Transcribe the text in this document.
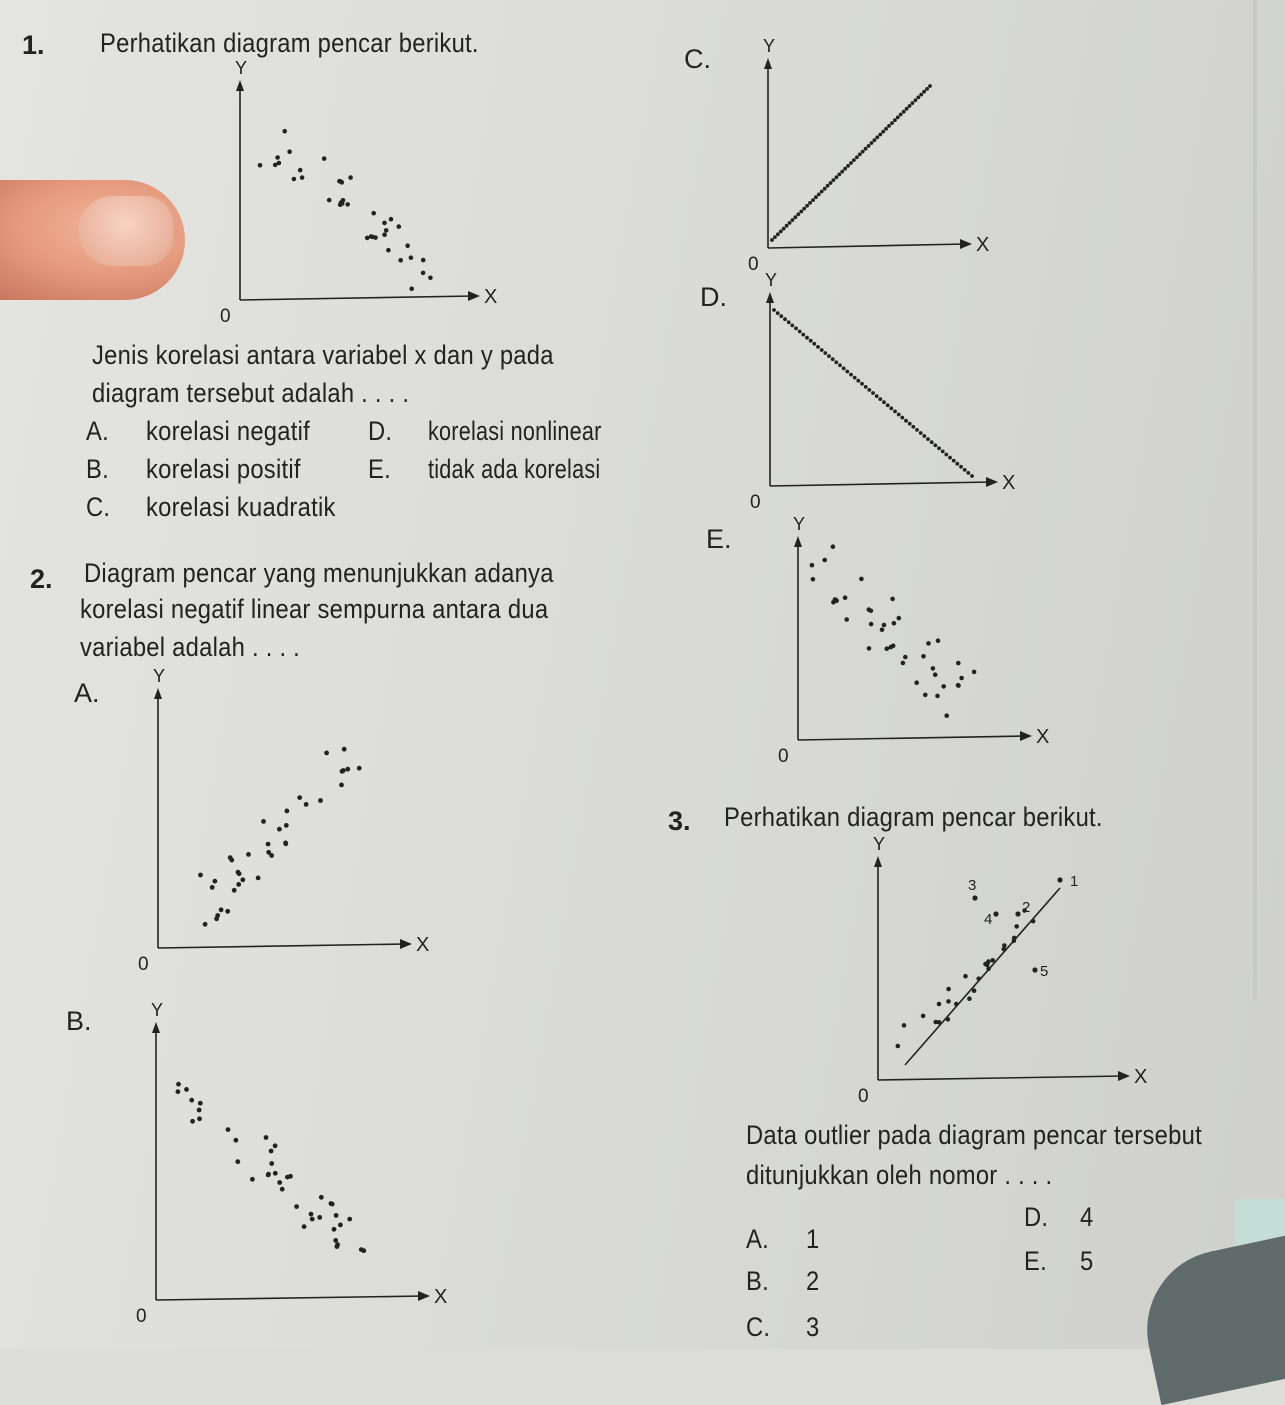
1. Perhatikan diagram pencar berikut.
Y
X
0
Jenis korelasi antara variabel x dan y pada
diagram tersebut adalah . . . .
A. korelasi negatif
B. korelasi positif
C. korelasi kuadratik
D. korelasi nonlinear
E. tidak ada korelasi
2. Diagram pencar yang menunjukkan adanya
korelasi negatif linear sempurna antara dua
variabel adalah . . . .
A.
Y
X
0
B.	Y
X
0
C.	Y
X
0
D.
Y
X
0
E.	Y
X
0
3. Perhatikan diagram pencar berikut.
Y
X
0
1
2
3
4
5
Data outlier pada diagram pencar tersebut
ditunjukkan oleh nomor . . . .
A. 1
B. 2
C. 3
D. 4
E. 5
